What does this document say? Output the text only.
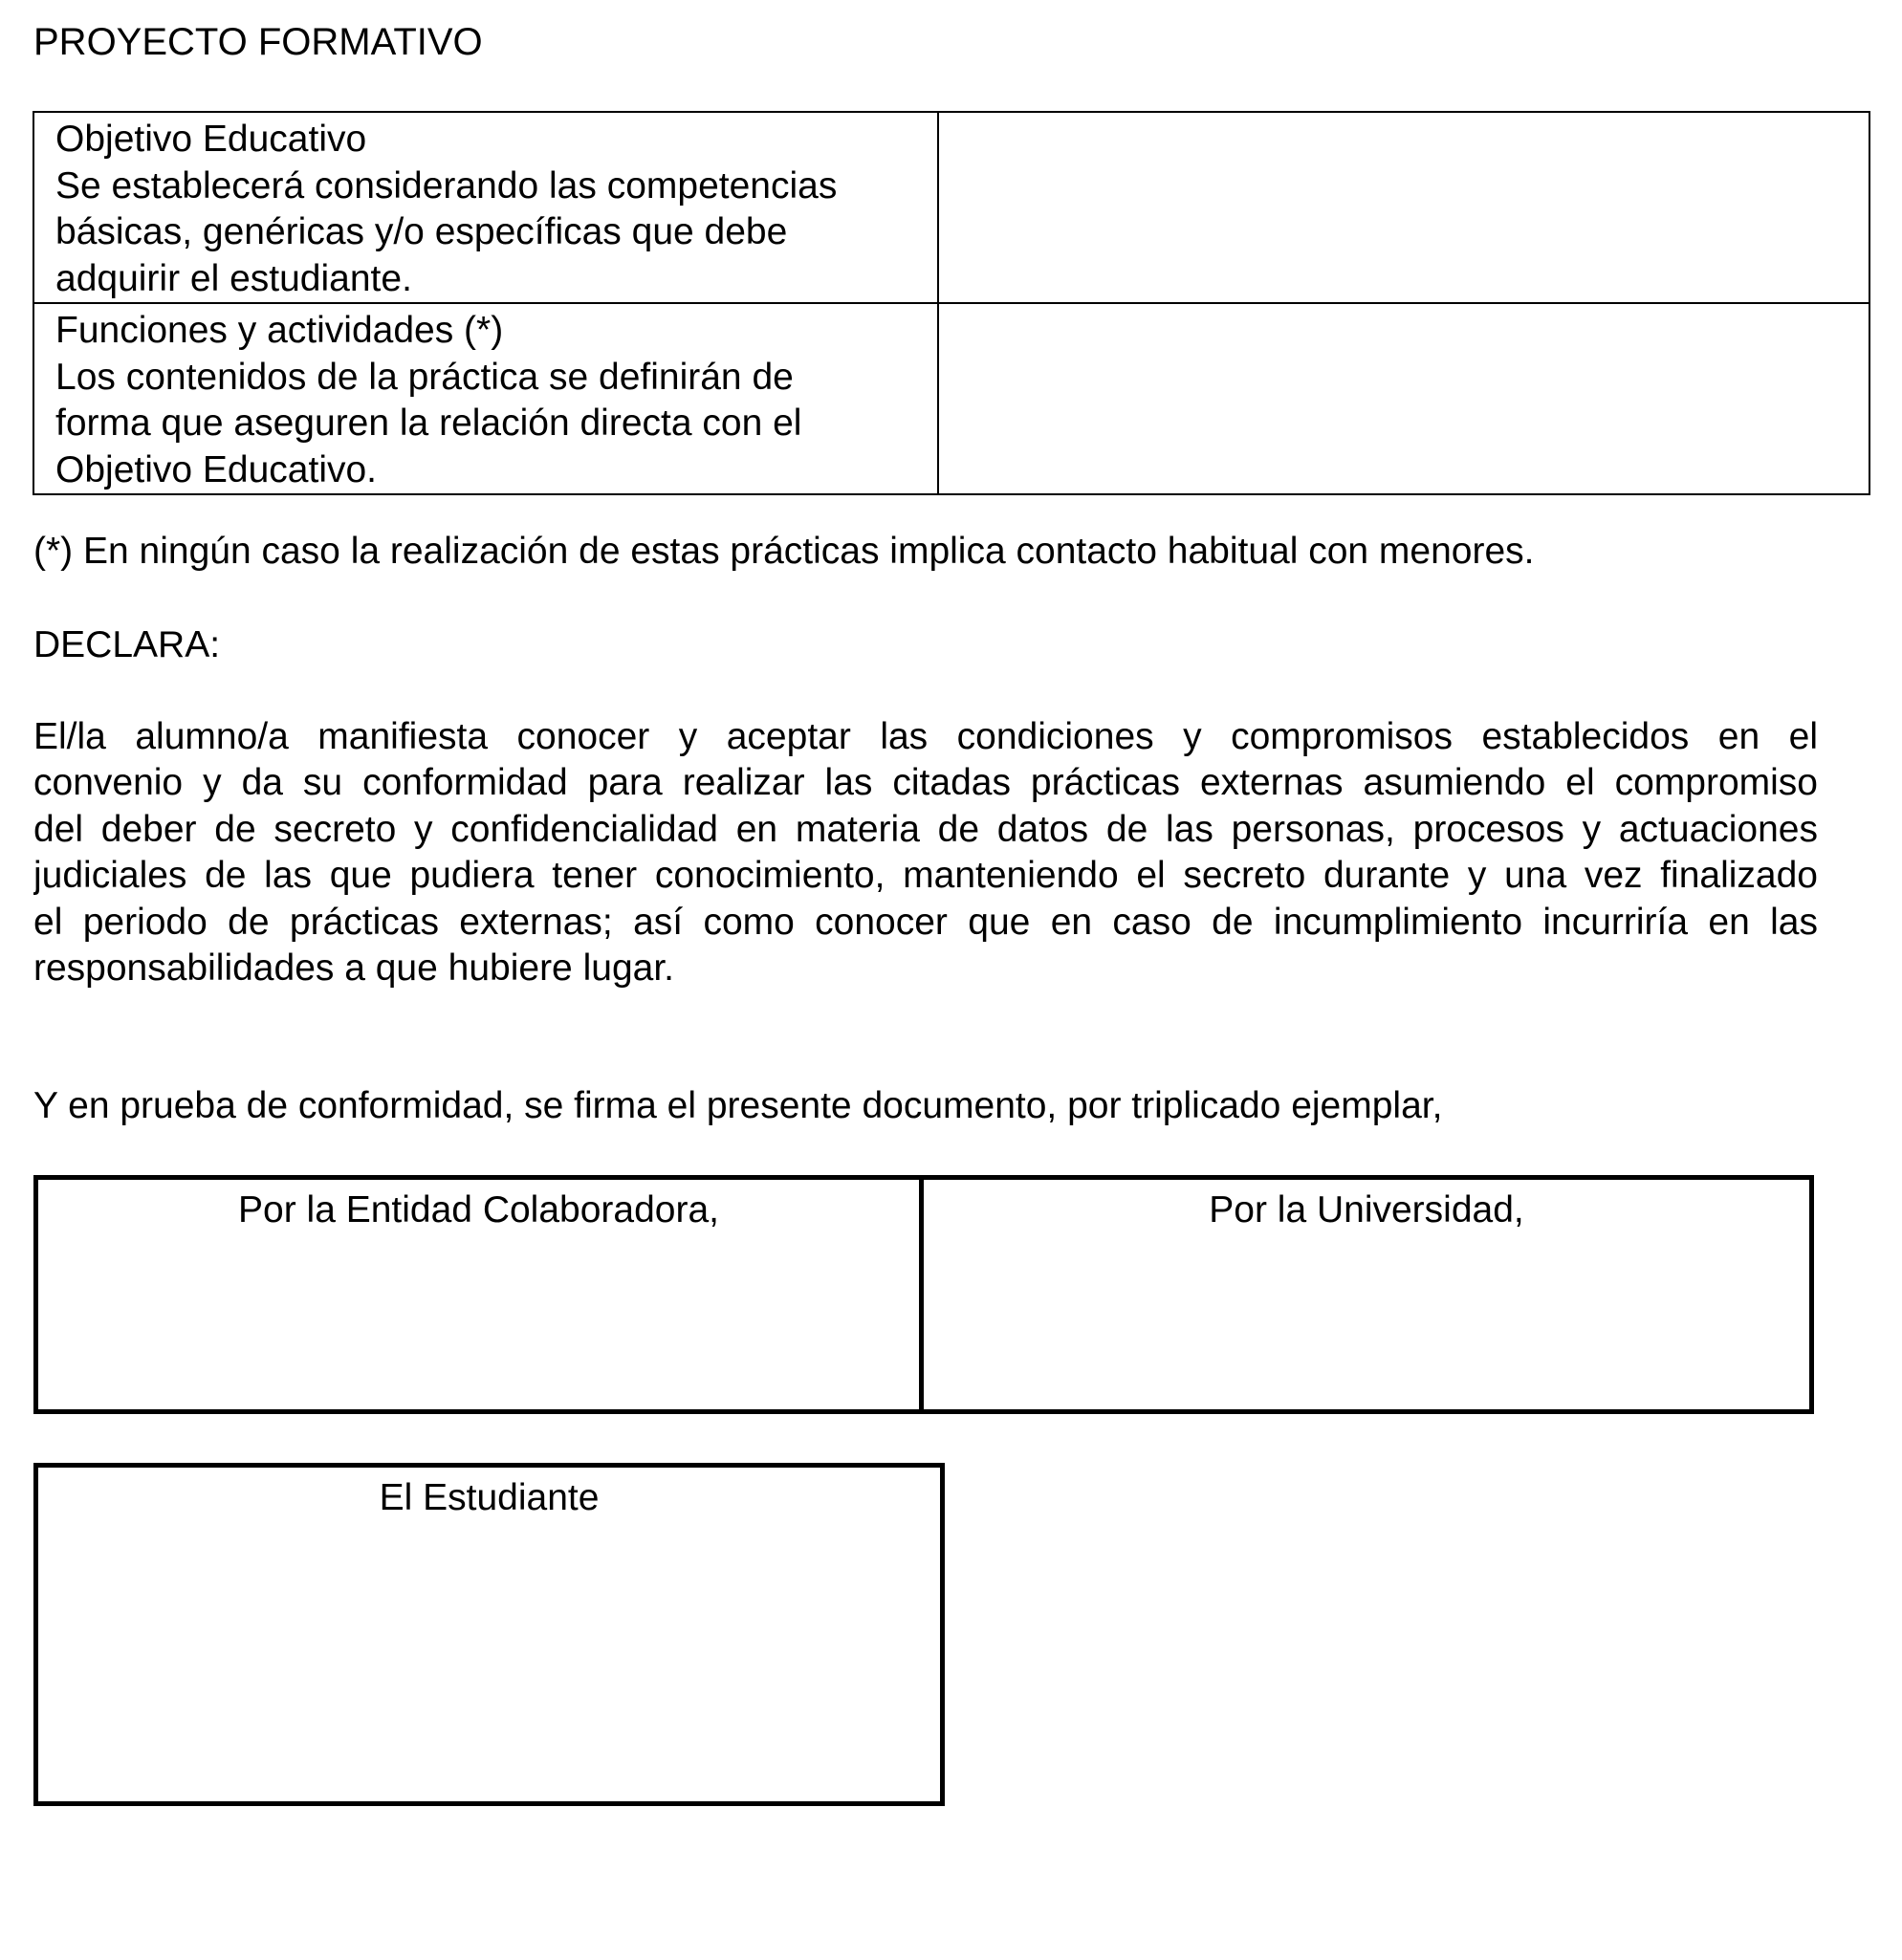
PROYECTO FORMATIVO
Objetivo Educativo
Se establecerá considerando las competencias
básicas, genéricas y/o específicas que debe
adquirir el estudiante.	

Funciones y actividades (*)
Los contenidos de la práctica se definirán de
forma que aseguren la relación directa con el
Objetivo Educativo.	

(*) En ningún caso la realización de estas prácticas implica contacto habitual con menores.

DECLARA:

El/la alumno/a manifiesta conocer y aceptar las condiciones y compromisos establecidos en el
convenio y da su conformidad para realizar las citadas prácticas externas asumiendo el compromiso
del deber de secreto y confidencialidad en materia de datos de las personas, procesos y actuaciones
judiciales de las que pudiera tener conocimiento, manteniendo el secreto durante y una vez finalizado
el periodo de prácticas externas; así como conocer que en caso de incumplimiento incurriría en las
responsabilidades a que hubiere lugar.

Y en prueba de conformidad, se firma el presente documento, por triplicado ejemplar,

Por la Entidad Colaboradora,	Por la Universidad,
El Estudiante
